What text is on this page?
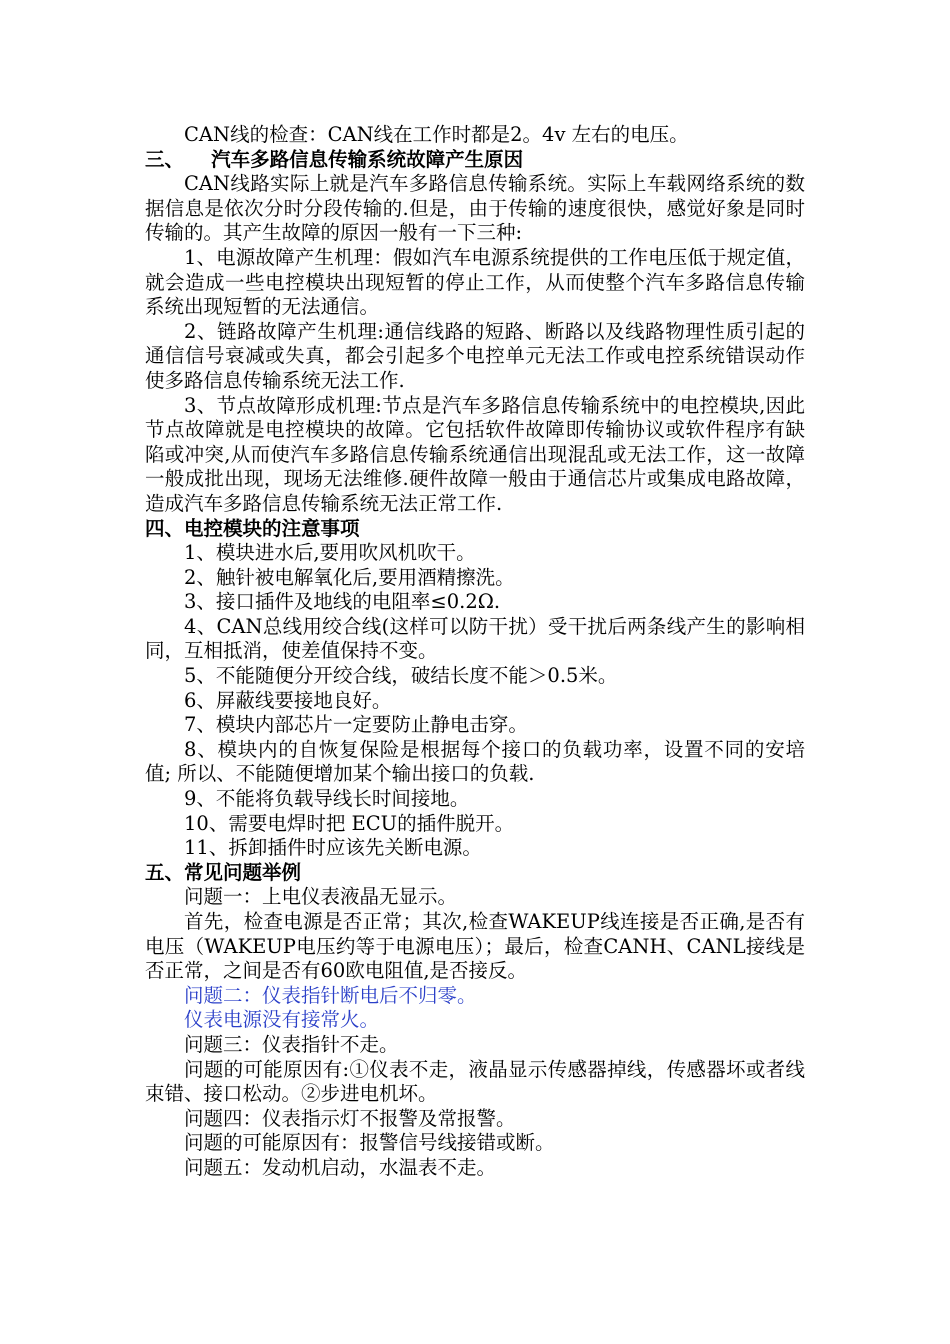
CAN线的检查：CAN线在工作时都是2。4v 左右的电压。

三、    汽车多路信息传输系统故障产生原因

CAN线路实际上就是汽车多路信息传输系统。实际上车载网络系统的数据信息是依次分时分段传输的.但是，由于传输的速度很快，感觉好象是同时传输的。其产生故障的原因一般有一下三种:

1、电源故障产生机理：假如汽车电源系统提供的工作电压低于规定值，就会造成一些电控模块出现短暂的停止工作，从而使整个汽车多路信息传输系统出现短暂的无法通信。

2、链路故障产生机理:通信线路的短路、断路以及线路物理性质引起的通信信号衰减或失真，都会引起多个电控单元无法工作或电控系统错误动作使多路信息传输系统无法工作.

3、节点故障形成机理:节点是汽车多路信息传输系统中的电控模块,因此节点故障就是电控模块的故障。它包括软件故障即传输协议或软件程序有缺陷或冲突,从而使汽车多路信息传输系统通信出现混乱或无法工作，这一故障一般成批出现，现场无法维修.硬件故障一般由于通信芯片或集成电路故障，造成汽车多路信息传输系统无法正常工作.

四、电控模块的注意事项

1、模块进水后,要用吹风机吹干。

2、触针被电解氧化后,要用酒精擦洗。

3、接口插件及地线的电阻率≤0.2Ω.

4、CAN总线用绞合线(这样可以防干扰）受干扰后两条线产生的影响相同，互相抵消，使差值保持不变。

5、不能随便分开绞合线，破结长度不能＞0.5米。

6、屏蔽线要接地良好。

7、模块内部芯片一定要防止静电击穿。

8、模块内的自恢复保险是根据每个接口的负载功率，设置不同的安培值; 所以、不能随便增加某个输出接口的负载.

9、不能将负载导线长时间接地。

10、需要电焊时把 ECU的插件脱开。

11、拆卸插件时应该先关断电源。

五、常见问题举例

问题一：上电仪表液晶无显示。

首先，检查电源是否正常；其次,检查WAKEUP线连接是否正确,是否有电压（WAKEUP电压约等于电源电压）；最后，检查CANH、CANL接线是否正常，之间是否有60欧电阻值,是否接反。

问题二：仪表指针断电后不归零。

仪表电源没有接常火。

问题三：仪表指针不走。

问题的可能原因有:①仪表不走，液晶显示传感器掉线，传感器坏或者线束错、接口松动。②步进电机坏。

问题四：仪表指示灯不报警及常报警。

问题的可能原因有：报警信号线接错或断。

问题五：发动机启动，水温表不走。
